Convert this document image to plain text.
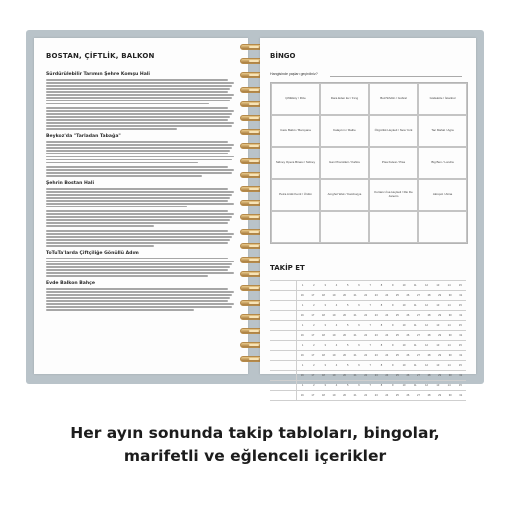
BOSTAN, ÇİFTLİK, BALKON
Sürdürülebilir Tarımın Şehre Komşu Hali
Beykoz'da "Tarladan Tabağa"
Şehrin Bostan Hali
ToTuTa'larda Çiftçiliğe Gönüllü Adım
Evde Balkon Bahçe
BİNGO
Hangisinde yaşları geçirdiniz?
Çiftlikköy / Rize	Dara Eden Ev / Fırıg	Buz/Sihölin / Gubral	Güdeköle / İstanbul
Cacu Baltıtı / Bamyana	Kalaycım / Raihe	Özgürlük Heykeli / New York	Tac Mahal / Agra
Sidney Opera Binası / Sidney	Gan Piramitleri / Kahire	Pisa Kulesi / Pisa	Big Ben / Londra
Petra Antik Kenti / Ürdün	Amghol Wek / Kambuçya	Kurtarıcı İsa Heykeli / Rio De Janeiro	Akropol / Atina
TAKİP ET
1	2	3	4	5	6	7	8	9	10	11	12	13	14	15
16	17	18	19	20	21	22	23	24	25	26	27	28	29	30	31
1	2	3	4	5	6	7	8	9	10	11	12	13	14	15
16	17	18	19	20	21	22	23	24	25	26	27	28	29	30	31
1	2	3	4	5	6	7	8	9	10	11	12	13	14	15
16	17	18	19	20	21	22	23	24	25	26	27	28	29	30	31
1	2	3	4	5	6	7	8	9	10	11	12	13	14	15
16	17	18	19	20	21	22	23	24	25	26	27	28	29	30	31
1	2	3	4	5	6	7	8	9	10	11	12	13	14	15
16	17	18	19	20	21	22	23	24	25	26	27	28	29	30	31
1	2	3	4	5	6	7	8	9	10	11	12	13	14	15
16	17	18	19	20	21	22	23	24	25	26	27	28	29	30	31
Her ayın sonunda takip tabloları, bingolar,
marifetli ve eğlenceli içerikler
